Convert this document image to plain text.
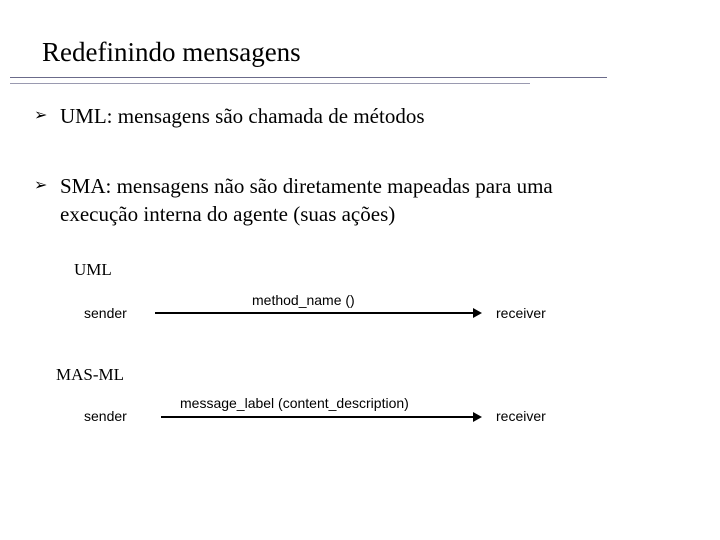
Redefinindo mensagens
➢ UML: mensagens são chamada de métodos
➢ SMA: mensagens não são diretamente mapeadas para uma
execução interna do agente (suas ações)
UML
sender
method_name ()
receiver
MAS-ML
sender
message_label (content_description)
receiver
